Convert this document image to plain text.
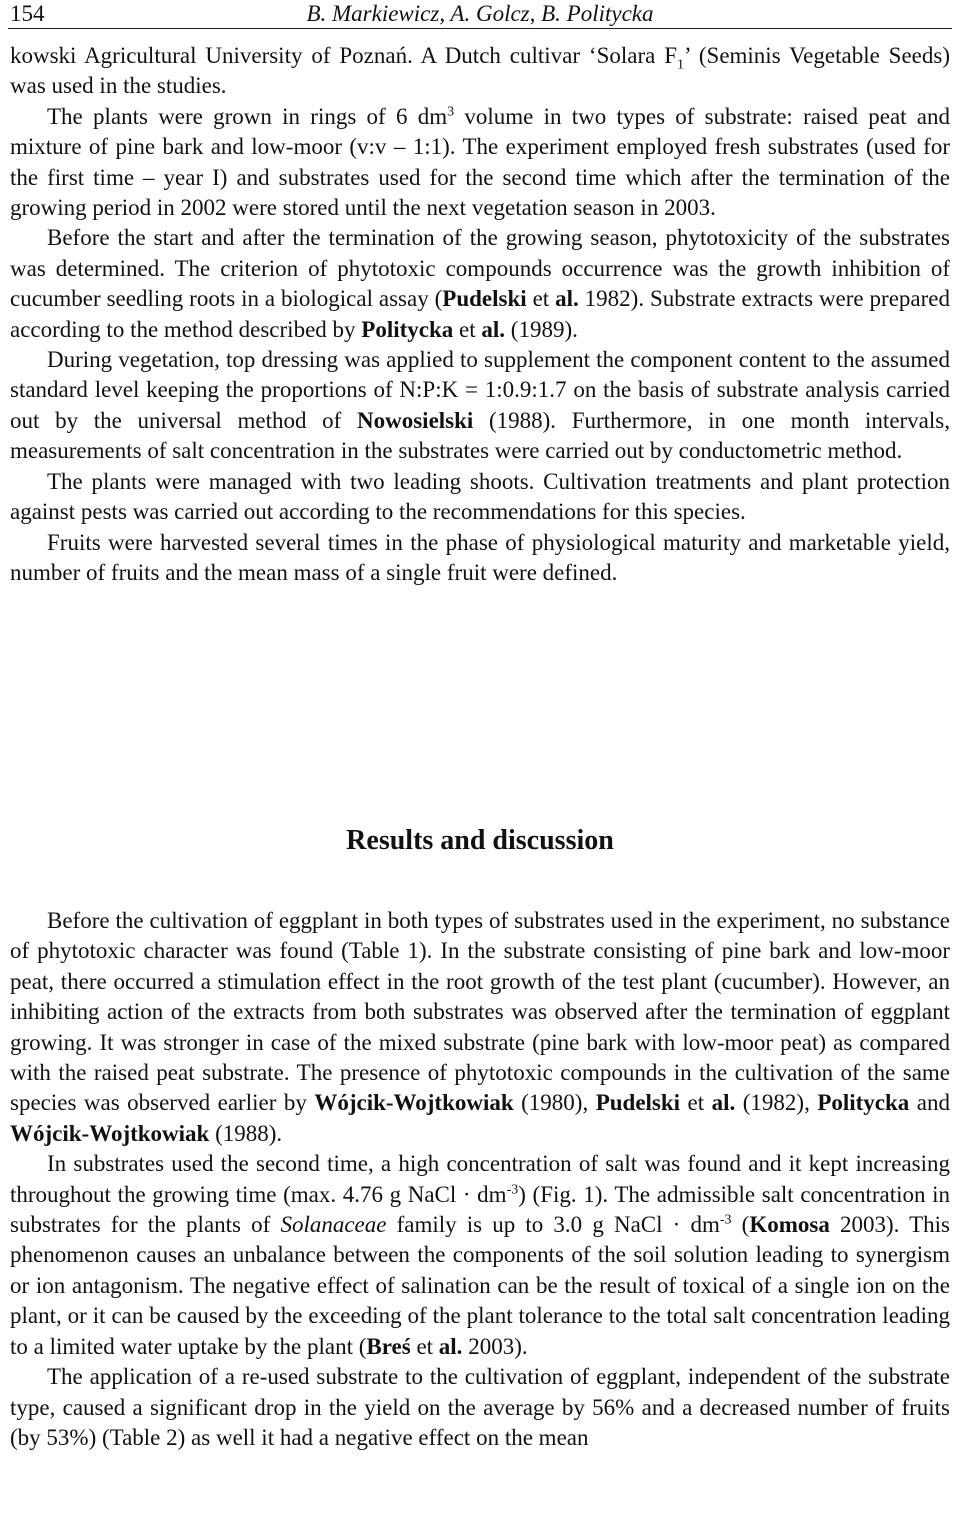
154	B. Markiewicz, A. Golcz, B. Politycka

kowski Agricultural University of Poznań. A Dutch cultivar ‘Solara $F_1$’ (Seminis Vegetable Seeds) was used in the studies.

The plants were grown in rings of 6 $dm^3$ volume in two types of substrate: raised peat and mixture of pine bark and low-moor (v:v – 1:1). The experiment employed fresh substrates (used for the first time – year I) and substrates used for the second time which after the termination of the growing period in 2002 were stored until the next vegetation season in 2003.

Before the start and after the termination of the growing season, phytotoxicity of the substrates was determined. The criterion of phytotoxic compounds occurrence was the growth inhibition of cucumber seedling roots in a biological assay (Pudelski et al. 1982). Substrate extracts were prepared according to the method described by Politycka et al. (1989).

During vegetation, top dressing was applied to supplement the component content to the assumed standard level keeping the proportions of N:P:K = 1:0.9:1.7 on the basis of substrate analysis carried out by the universal method of Nowosielski (1988). Furthermore, in one month intervals, measurements of salt concentration in the substrates were carried out by conductometric method.

The plants were managed with two leading shoots. Cultivation treatments and plant protection against pests was carried out according to the recommendations for this species.

Fruits were harvested several times in the phase of physiological maturity and marketable yield, number of fruits and the mean mass of a single fruit were defined.

Results and discussion

Before the cultivation of eggplant in both types of substrates used in the experiment, no substance of phytotoxic character was found (Table 1). In the substrate consisting of pine bark and low-moor peat, there occurred a stimulation effect in the root growth of the test plant (cucumber). However, an inhibiting action of the extracts from both substrates was observed after the termination of eggplant growing. It was stronger in case of the mixed substrate (pine bark with low-moor peat) as compared with the raised peat substrate. The presence of phytotoxic compounds in the cultivation of the same species was observed earlier by Wójcik-Wojtkowiak (1980), Pudelski et al. (1982), Politycka and Wójcik-Wojtkowiak (1988).

In substrates used the second time, a high concentration of salt was found and it kept increasing throughout the growing time (max. 4.76 g NaCl · $dm^{-3}$) (Fig. 1). The admissible salt concentration in substrates for the plants of Solanaceae family is up to 3.0 g NaCl · $dm^{-3}$ (Komosa 2003). This phenomenon causes an unbalance between the components of the soil solution leading to synergism or ion antagonism. The negative effect of salination can be the result of toxical of a single ion on the plant, or it can be caused by the exceeding of the plant tolerance to the total salt concentration leading to a limited water uptake by the plant (Breś et al. 2003).

The application of a re-used substrate to the cultivation of eggplant, independent of the substrate type, caused a significant drop in the yield on the average by 56% and a decreased number of fruits (by 53%) (Table 2) as well it had a negative effect on the mean
